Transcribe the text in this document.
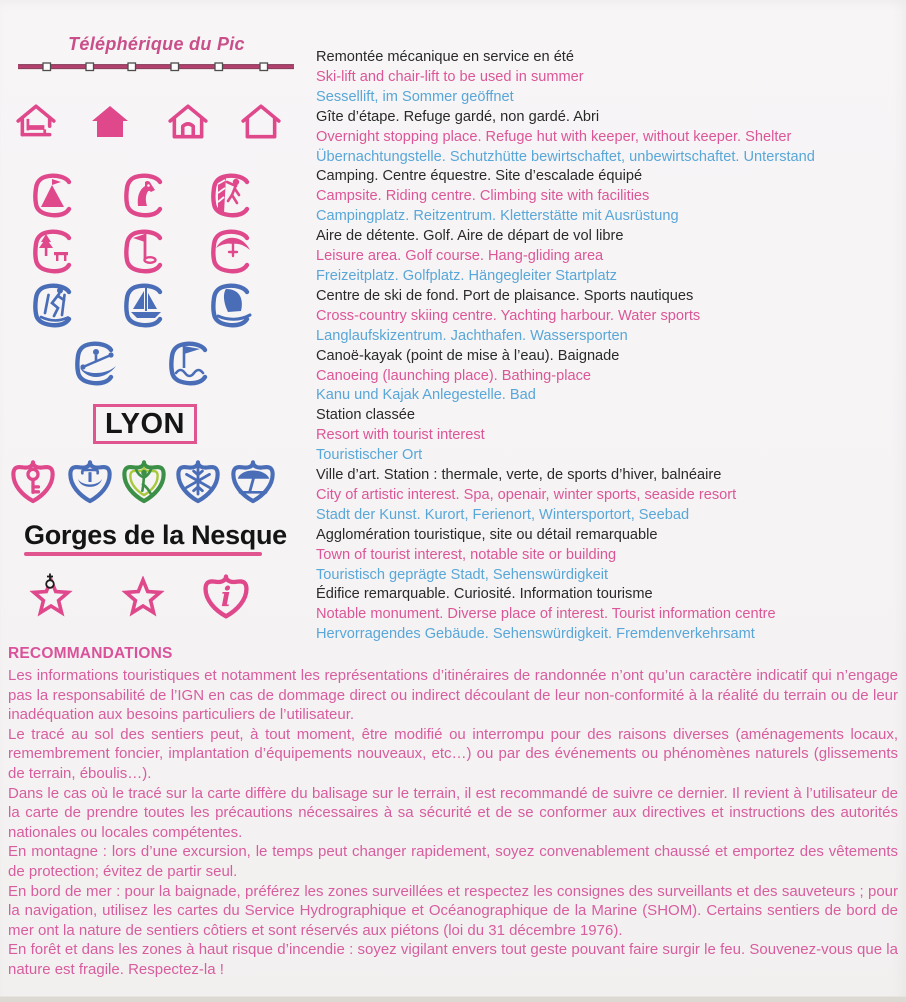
Téléphérique du Pic
LYON
Gorges de la Nesque
i
Remontée mécanique en service en été
Ski-lift and chair-lift to be used in summer
Sessellift, im Sommer geöffnet
Gîte d’étape. Refuge gardé, non gardé. Abri
Overnight stopping place. Refuge hut with keeper, without keeper. Shelter
Übernachtungstelle. Schutzhütte bewirtschaftet, unbewirtschaftet. Unterstand
Camping. Centre équestre. Site d’escalade équipé
Campsite. Riding centre. Climbing site with facilities
Campingplatz. Reitzentrum. Kletterstätte mit Ausrüstung
Aire de détente. Golf. Aire de départ de vol libre
Leisure area. Golf course. Hang-gliding area
Freizeitplatz. Golfplatz. Hängegleiter Startplatz
Centre de ski de fond. Port de plaisance. Sports nautiques
Cross-country skiing centre. Yachting harbour. Water sports
Langlaufskizentrum. Jachthafen. Wassersporten
Canoë-kayak (point de mise à l’eau). Baignade
Canoeing (launching place). Bathing-place
Kanu und Kajak Anlegestelle. Bad
Station classée
Resort with tourist interest
Touristischer Ort
Ville d’art. Station : thermale, verte, de sports d’hiver, balnéaire
City of artistic interest. Spa, openair, winter sports, seaside resort
Stadt der Kunst. Kurort, Ferienort, Wintersportort, Seebad
Agglomération touristique, site ou détail remarquable
Town of tourist interest, notable site or building
Touristisch geprägte Stadt, Sehenswürdigkeit
Édifice remarquable. Curiosité. Information tourisme
Notable monument. Diverse place of interest. Tourist information centre
Hervorragendes Gebäude. Sehenswürdigkeit. Fremdenverkehrsamt
RECOMMANDATIONS

Les informations touristiques et notamment les représentations d’itinéraires de randonnée n’ont qu’un caractère indicatif qui n’engage pas la responsabilité de l’IGN en cas de dommage direct ou indirect découlant de leur non-conformité à la réalité du terrain ou de leur inadéquation aux besoins particuliers de l’utilisateur.

Le tracé au sol des sentiers peut, à tout moment, être modifié ou interrompu pour des raisons diverses (aménagements locaux, remembrement foncier, implantation d’équipements nouveaux, etc…) ou par des événements ou phénomènes naturels (glissements de terrain, éboulis…).

Dans le cas où le tracé sur la carte diffère du balisage sur le terrain, il est recommandé de suivre ce dernier. Il revient à l’utilisateur de la carte de prendre toutes les précautions nécessaires à sa sécurité et de se conformer aux directives et instructions des autorités nationales ou locales compétentes.

En montagne : lors d’une excursion, le temps peut changer rapidement, soyez convenablement chaussé et emportez des vêtements de protection; évitez de partir seul.

En bord de mer : pour la baignade, préférez les zones surveillées et respectez les consignes des surveillants et des sauveteurs ; pour la navigation, utilisez les cartes du Service Hydrographique et Océanographique de la Marine (SHOM). Certains sentiers de bord de mer ont la nature de sentiers côtiers et sont réservés aux piétons (loi du 31 décembre 1976).

En forêt et dans les zones à haut risque d’incendie : soyez vigilant envers tout geste pouvant faire surgir le feu. Souvenez-vous que la nature est fragile. Respectez-la !
